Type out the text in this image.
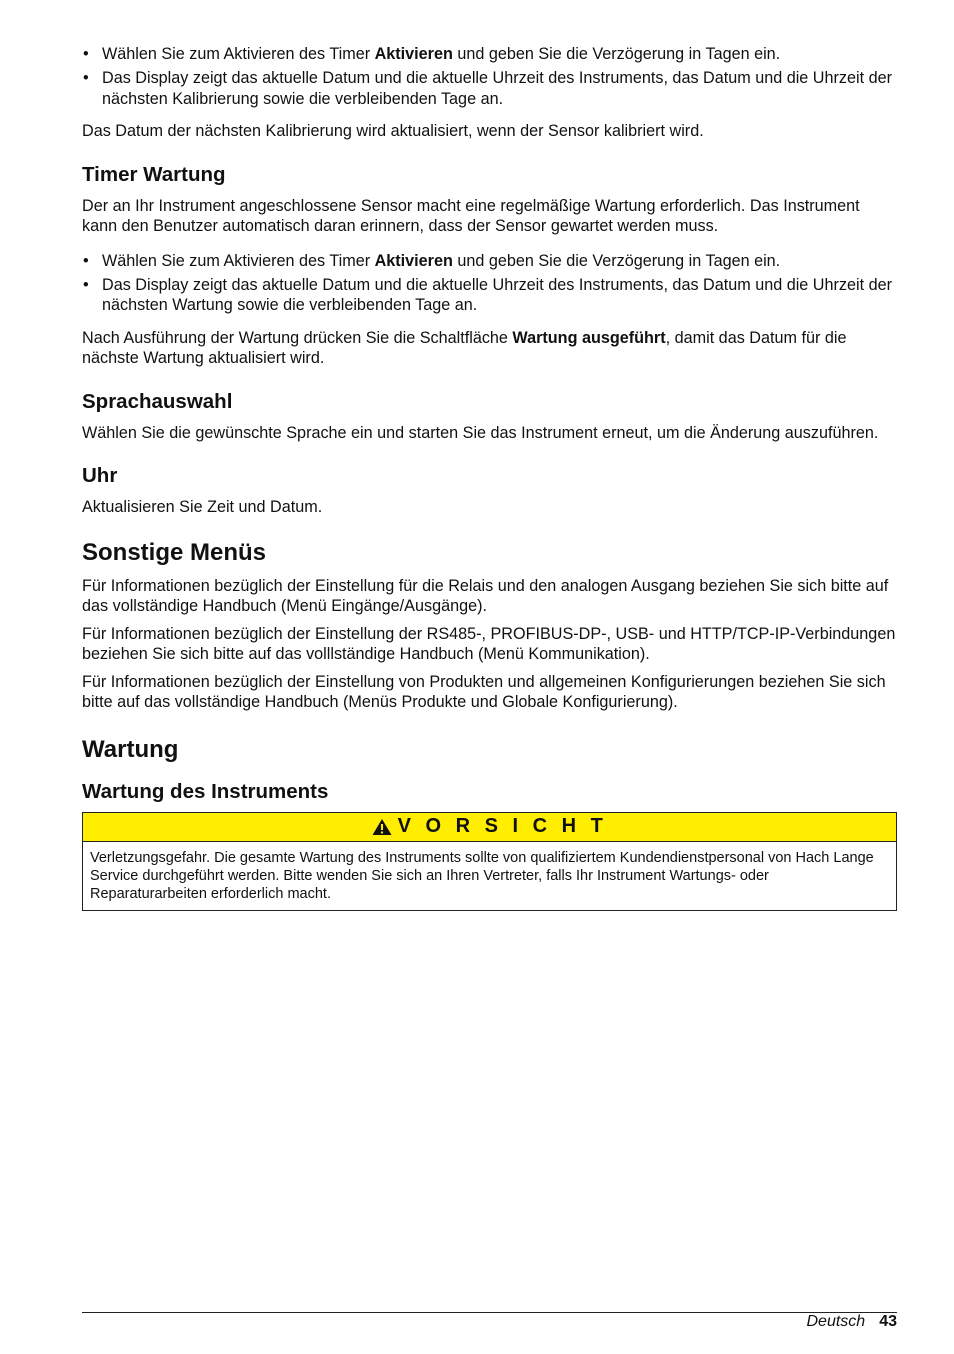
• Wählen Sie zum Aktivieren des Timer Aktivieren und geben Sie die Verzögerung in Tagen ein.
• Das Display zeigt das aktuelle Datum und die aktuelle Uhrzeit des Instruments, das Datum und die Uhrzeit der nächsten Kalibrierung sowie die verbleibenden Tage an.

Das Datum der nächsten Kalibrierung wird aktualisiert, wenn der Sensor kalibriert wird.

Timer Wartung

Der an Ihr Instrument angeschlossene Sensor macht eine regelmäßige Wartung erforderlich. Das Instrument kann den Benutzer automatisch daran erinnern, dass der Sensor gewartet werden muss.

• Wählen Sie zum Aktivieren des Timer Aktivieren und geben Sie die Verzögerung in Tagen ein.
• Das Display zeigt das aktuelle Datum und die aktuelle Uhrzeit des Instruments, das Datum und die Uhrzeit der nächsten Wartung sowie die verbleibenden Tage an.

Nach Ausführung der Wartung drücken Sie die Schaltfläche Wartung ausgeführt, damit das Datum für die nächste Wartung aktualisiert wird.

Sprachauswahl

Wählen Sie die gewünschte Sprache ein und starten Sie das Instrument erneut, um die Änderung auszuführen.

Uhr

Aktualisieren Sie Zeit und Datum.

Sonstige Menüs

Für Informationen bezüglich der Einstellung für die Relais und den analogen Ausgang beziehen Sie sich bitte auf das vollständige Handbuch (Menü Eingänge/Ausgänge).

Für Informationen bezüglich der Einstellung der RS485-, PROFIBUS-DP-, USB- und HTTP/TCP-IP-Verbindungen beziehen Sie sich bitte auf das volllständige Handbuch (Menü Kommunikation).

Für Informationen bezüglich der Einstellung von Produkten und allgemeinen Konfigurierungen beziehen Sie sich bitte auf das vollständige Handbuch (Menüs Produkte und Globale Konfigurierung).

Wartung
Wartung des Instruments
V O R S I C H T
Verletzungsgefahr. Die gesamte Wartung des Instruments sollte von qualifiziertem Kundendienstpersonal von Hach Lange Service durchgeführt werden. Bitte wenden Sie sich an Ihren Vertreter, falls Ihr Instrument Wartungs- oder Reparaturarbeiten erforderlich macht.
Deutsch 43
